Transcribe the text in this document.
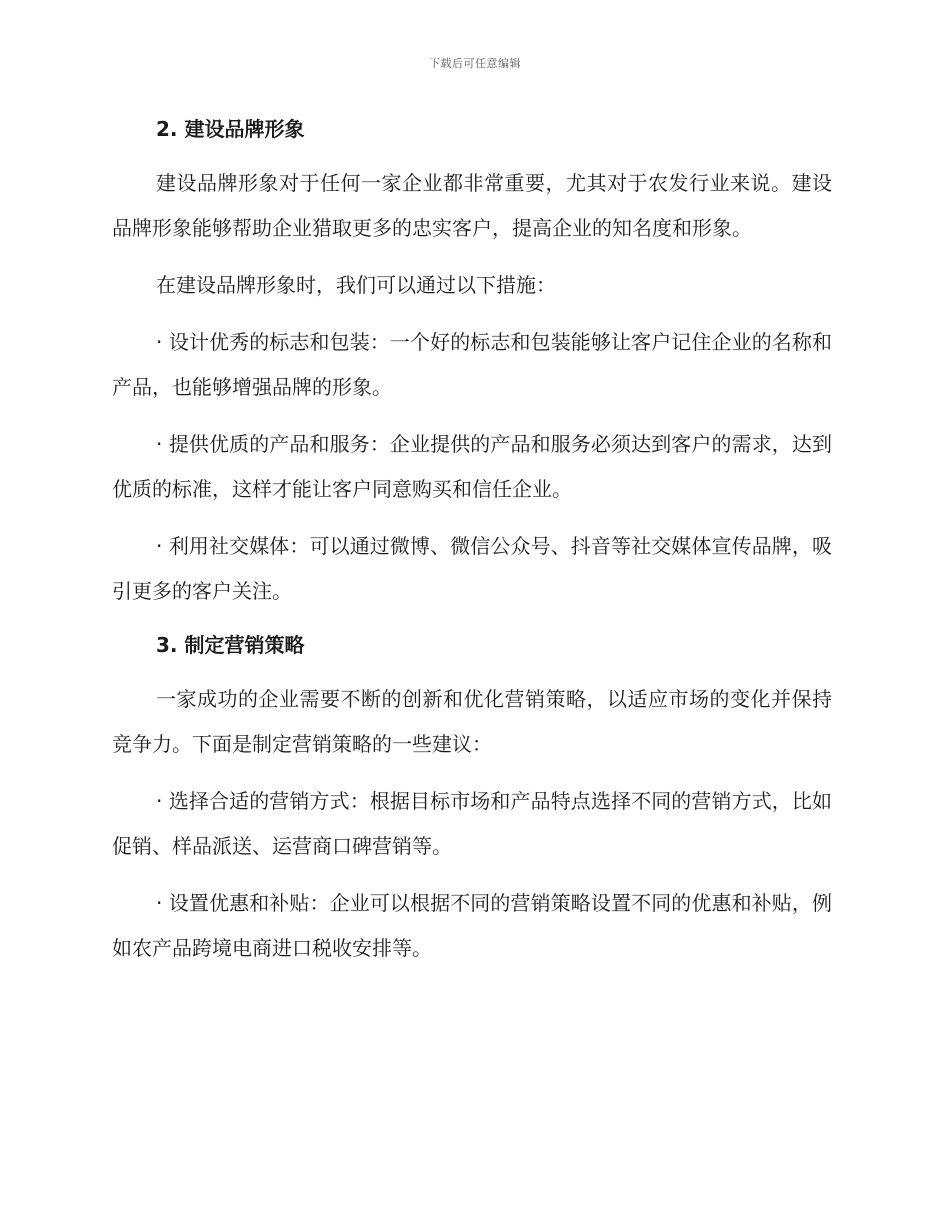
下载后可任意编辑
2. 建设品牌形象

建设品牌形象对于任何一家企业都非常重要，尤其对于农发行业来说。建设品牌形象能够帮助企业猎取更多的忠实客户，提高企业的知名度和形象。

在建设品牌形象时，我们可以通过以下措施：

· 设计优秀的标志和包装：一个好的标志和包装能够让客户记住企业的名称和产品，也能够增强品牌的形象。

· 提供优质的产品和服务：企业提供的产品和服务必须达到客户的需求，达到优质的标准，这样才能让客户同意购买和信任企业。

· 利用社交媒体：可以通过微博、微信公众号、抖音等社交媒体宣传品牌，吸引更多的客户关注。

3. 制定营销策略

一家成功的企业需要不断的创新和优化营销策略，以适应市场的变化并保持竞争力。下面是制定营销策略的一些建议：

· 选择合适的营销方式：根据目标市场和产品特点选择不同的营销方式，比如促销、样品派送、运营商口碑营销等。

· 设置优惠和补贴：企业可以根据不同的营销策略设置不同的优惠和补贴，例如农产品跨境电商进口税收安排等。
